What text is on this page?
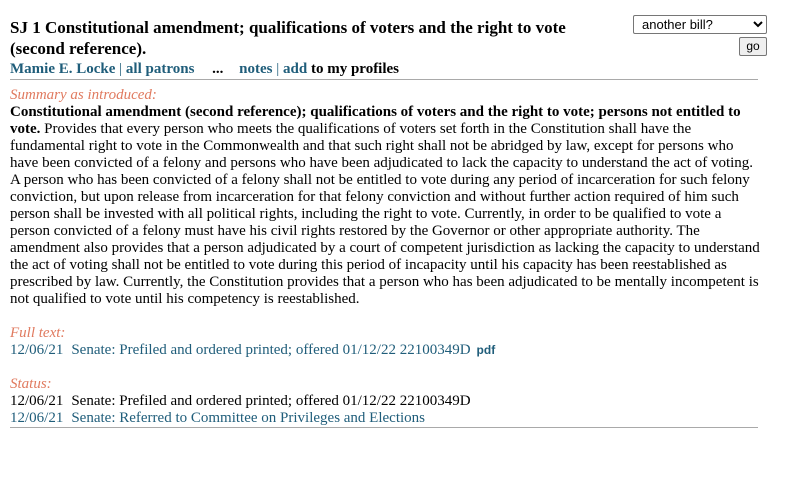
SJ 1 Constitutional amendment; qualifications of voters and the right to vote (second reference).
Mamie E. Locke | all patrons ... notes | add to my profiles
another bill?
go
Summary as introduced:
Constitutional amendment (second reference); qualifications of voters and the right to vote; persons not entitled to vote. Provides that every person who meets the qualifications of voters set forth in the Constitution shall have the fundamental right to vote in the Commonwealth and that such right shall not be abridged by law, except for persons who have been convicted of a felony and persons who have been adjudicated to lack the capacity to understand the act of voting. A person who has been convicted of a felony shall not be entitled to vote during any period of incarceration for such felony conviction, but upon release from incarceration for that felony conviction and without further action required of him such person shall be invested with all political rights, including the right to vote. Currently, in order to be qualified to vote a person convicted of a felony must have his civil rights restored by the Governor or other appropriate authority. The amendment also provides that a person adjudicated by a court of competent jurisdiction as lacking the capacity to understand the act of voting shall not be entitled to vote during this period of incapacity until his capacity has been reestablished as prescribed by law. Currently, the Constitution provides that a person who has been adjudicated to be mentally incompetent is not qualified to vote until his competency is reestablished.
Full text:
12/06/21 Senate: Prefiled and ordered printed; offered 01/12/22 22100349D pdf
Status:
12/06/21 Senate: Prefiled and ordered printed; offered 01/12/22 22100349D
12/06/21 Senate: Referred to Committee on Privileges and Elections
